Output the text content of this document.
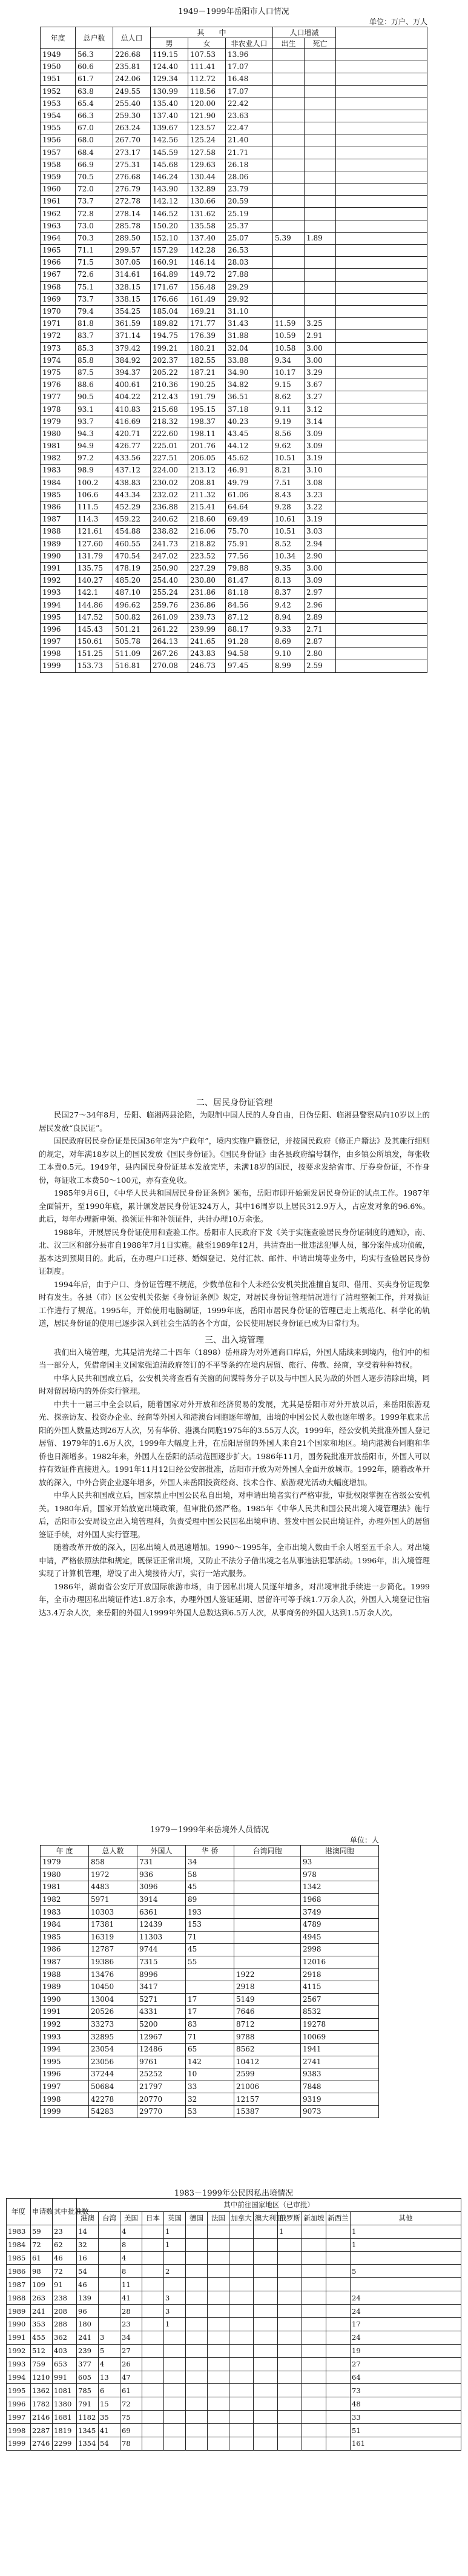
1949－1999年岳阳市人口情况

单位：万户、万人
年度	总户数	总人口	其　　中			人口增减		
			男	女	非农业人口	出生	死亡	

1949	56.3	226.68	119.15	107.53	13.96			
1950	60.6	235.81	124.40	111.41	17.07			
1951	61.7	242.06	129.34	112.72	16.48			
1952	63.8	249.55	130.99	118.56	17.07			
1953	65.4	255.40	135.40	120.00	22.42			
1954	66.3	259.30	137.40	121.90	23.63			
1955	67.0	263.24	139.67	123.57	22.47			
1956	68.0	267.70	142.56	125.24	21.40			
1957	68.4	273.17	145.59	127.58	21.71			
1958	66.9	275.31	145.68	129.63	26.18			
1959	70.5	276.68	146.24	130.44	28.06			
1960	72.0	276.79	143.90	132.89	23.79			
1961	73.7	272.78	142.12	130.66	20.59			
1962	72.8	278.14	146.52	131.62	25.19			
1963	73.0	285.78	150.20	135.58	25.37			
1964	70.3	289.50	152.10	137.40	25.07	5.39	1.89	
1965	71.1	299.57	157.29	142.28	26.53			
1966	71.5	307.05	160.91	146.14	28.03			
1967	72.6	314.61	164.89	149.72	27.88			
1968	75.1	328.15	171.67	156.48	29.29			
1969	73.7	338.15	176.66	161.49	29.92			
1970	79.4	354.25	185.04	169.21	31.10			
1971	81.8	361.59	189.82	171.77	31.43	11.59	3.25	
1972	83.7	371.14	194.75	176.39	31.88	10.59	2.91	
1973	85.3	379.42	199.21	180.21	32.04	10.58	3.00	
1974	85.8	384.92	202.37	182.55	33.88	9.34	3.00	
1975	87.5	394.37	205.22	187.21	34.90	10.17	3.29	
1976	88.6	400.61	210.36	190.25	34.82	9.15	3.67	
1977	90.5	404.22	212.43	191.79	36.51	8.62	3.27	
1978	93.1	410.83	215.68	195.15	37.18	9.11	3.12	
1979	93.7	416.69	218.32	198.37	40.23	9.19	3.14	
1980	94.3	420.71	222.60	198.11	43.45	8.56	3.09	
1981	94.9	426.77	225.01	201.76	44.12	9.62	3.09	
1982	97.2	433.56	227.51	206.05	45.62	10.51	3.19	
1983	98.9	437.12	224.00	213.12	46.91	8.21	3.10	
1984	100.2	438.83	230.02	208.81	49.79	7.51	3.08	
1985	106.6	443.34	232.02	211.32	61.06	8.43	3.23	
1986	111.5	452.29	236.88	215.41	64.64	9.28	3.22	
1987	114.3	459.22	240.62	218.60	69.49	10.61	3.19	
1988	121.61	454.88	238.82	216.06	75.70	10.51	3.03	
1989	127.60	460.55	241.73	218.82	75.91	8.52	2.94	
1990	131.79	470.54	247.02	223.52	77.56	10.34	2.90	
1991	135.75	478.19	250.90	227.29	79.88	9.35	3.00	
1992	140.27	485.20	254.40	230.80	81.47	8.13	3.09	
1993	142.1	487.10	255.24	231.86	81.18	8.37	2.97	
1994	144.86	496.62	259.76	236.86	84.56	9.42	2.96	
1995	147.52	500.82	261.09	239.73	87.12	8.94	2.89	
1996	145.43	501.21	261.22	239.99	88.17	9.33	2.71	
1997	150.61	505.78	264.13	241.65	91.28	8.69	2.87	
1998	151.25	511.09	267.26	243.83	94.58	9.10	2.80	
1999	153.73	516.81	270.08	246.73	97.45	8.99	2.59	

二、居民身份证管理

民国27～34年8月，岳阳、临湘两县沦陷，为限制中国人民的人身自由，日伪岳阳、临湘县警察局向10岁以上的居民发放“良民证”。

国民政府居民身份证是民国36年定为“户政年”，境内实施户籍登记，并按国民政府《修正户籍法》及其施行细则的规定，对年满18岁以上的国民发放《国民身份证》。《国民身份证》由各县政府编号制作，由乡镇公所填发，每张收工本费0.5元。1949年，县内国民身份证基本发放完毕，未满18岁的国民，按要求发给省市、厅券身份证，不作身份，每证收工本费50～100元，亦有查免收。

1985年9月6日，《中华人民共和国居民身份证条例》颁布，岳阳市即开始颁发居民身份证的试点工作。1987年全面铺开，至1990年底，累计颁发居民身份证324万人，其中16周岁以上居民312.9万人，占应发对象的96.6%。此后，每年办理新申领、换领证件和补领证件，共计办理10万余张。

1988年，开展居民身份证使用和查验工作。岳阳市人民政府下发《关于实施查验居民身份证制度的通知》，南、北、汉三区和部分县市自1988年7月1日实施。截至1989年12月，共清查出一批违法犯罪人员，部分案件成功侦破，基本达到预期目的。此后，在办理户口迁移、婚姻登记、兑付汇款、邮件、申请出境等业务中，均实行查验居民身份证制度。

1994年后，由于户口、身份证管理不规范，少数单位和个人未经公安机关批准擅自复印、借用、买卖身份证现象时有发生。各县（市）区公安机关依据《身份证条例》规定，对居民身份证管理情况进行了清理整顿工作，并对换证工作进行了规范。1995年，开始使用电脑制证，1999年底，岳阳市居民身份证的管理已走上规范化、科学化的轨道，居民身份证的使用已逐步深入到社会生活的各个方面，公民使用居民身份证已成为日常行为。

三、出入境管理

我们出入境管理，尤其是清光绪二十四年（1898）岳州辟为对外通商口岸后，外国人陆续来到境内，他们中的相当一部分人，凭借帝国主义国家强迫清政府签订的不平等条约在境内居留、旅行、传教、经商，享受着种种特权。

中华人民共和国成立后，公安机关将查看有关窗的间谍特务分子以及与中国人民为敌的外国人逐步清除出境，同时对留居境内的外侨实行管理。

中共十一届三中全会以后，随着国家对外开放和经济贸易的发展，尤其是岳阳市对外开放以后，来岳阳旅游观光、探亲访友、投资办企业、经商等外国人和港澳台同胞逐年增加，出境的中国公民人数也逐年增多。1999年底来岳阳的外国人数量达到26万人次，另有华侨、港澳台同胞1975年的3.55万人次，1999年，经公安机关批准外国人登记居留、1979年的1.6万人次，1999年大幅度上升，在岳阳居留的外国人来自21个国家和地区。境内港澳台同胞和华侨也日渐增多。1982年来，外国人在岳阳的活动范围逐步扩大。1986年11月，国务院批准开放岳阳市，外国人可以持有效证件直接进入。1991年11月12日经公安部批准，岳阳市开放为对外国人全面开放城市。1992年，随着改革开放的深入，中外合资企业逐年增多，外国人来岳阳投资经商、技术合作、旅游观光活动大幅度增加。

中华人民共和国成立后，国家禁止中国公民私自出境，对申请出境者实行严格审批，审批权限掌握在省级公安机关。1980年后，国家开始放宽出境政策，但审批仍然严格。1985年《中华人民共和国公民出境入境管理法》施行后，岳阳市公安局设立出入境管理科，负责受理中国公民因私出境申请、签发中国公民出境证件，办理外国人的居留签证手续，对外国人实行管理。

随着改革开放的深入，因私出境人员迅速增加。1990～1995年，全市出境人数由千余人增至五千余人。对出境申请，严格依照法律和规定，既保证正常出境，又防止不法分子借出境之名从事违法犯罪活动。1996年，出入境管理实现了计算机管理，增设了出入境接待大厅，实行一站式服务。

1986年，湖南省公安厅开放国际旅游市场，由于因私出境人员逐年增多，对出境审批手续进一步简化。1999年，全市办理因私出境证件达1.8万余本，办理外国人签证延期、居留许可等手续1.7万余人次，外国人入境登记住宿达3.4万余人次，来岳阳的外国人1999年外国人总数达到6.5万人次，从事商务的外国人达到1.5万余人次。

1979－1999年来岳境外人员情况

单位：人
年 度	总人数	外国人	华 侨	台湾同胞	港澳同胞
1979	858	731	34		93
1980	1972	936	58		978
1981	4483	3096	45		1342
1982	5971	3914	89		1968
1983	10303	6361	193		3749
1984	17381	12439	153		4789
1985	16319	11303	71		4945
1986	12787	9744	45		2998
1987	19386	7315	55		12016
1988	13476	8996		1922	2918
1989	10450	3417		2918	4115
1990	13004	5271	17	5149	2567
1991	20526	4331	17	7646	8532
1992	33273	5200	83	8712	19278
1993	32895	12967	71	9788	10069
1994	23054	12486	65	8562	1941
1995	23056	9761	142	10412	2741
1996	37244	25252	10	2599	9383
1997	50684	21797	33	21006	7848
1998	42278	20770	32	12157	9319
1999	54283	29770	53	15387	9073

1983－1999年公民因私出境情况

年度	申请数	其中批准数	其中前往国家地区（已审批）												
			港澳	台湾	美国	日本	英国	德国	法国	加拿大	澳大利亚	俄罗斯	新加坡	新西兰	其他
1983	59	23	14		4		1					1			1
1984	72	62	32		8		1								1
1985	61	46	16		4										
1986	98	72	54		8		2								5
1987	109	91	46		11										
1988	263	238	139		41		3								24
1989	241	208	96		28		3								24
1990	353	288	180		23		1								17
1991	455	362	241	3	34										24
1992	512	403	239	5	27										19
1993	759	653	377	4	26										27
1994	1210	991	605	13	47										64
1995	1362	1081	785	6	61										73
1996	1782	1380	791	15	72										48
1997	2146	1681	1182	35	75										33
1998	2287	1819	1345	41	69										51
1999	2746	2299	1354	54	78										161
